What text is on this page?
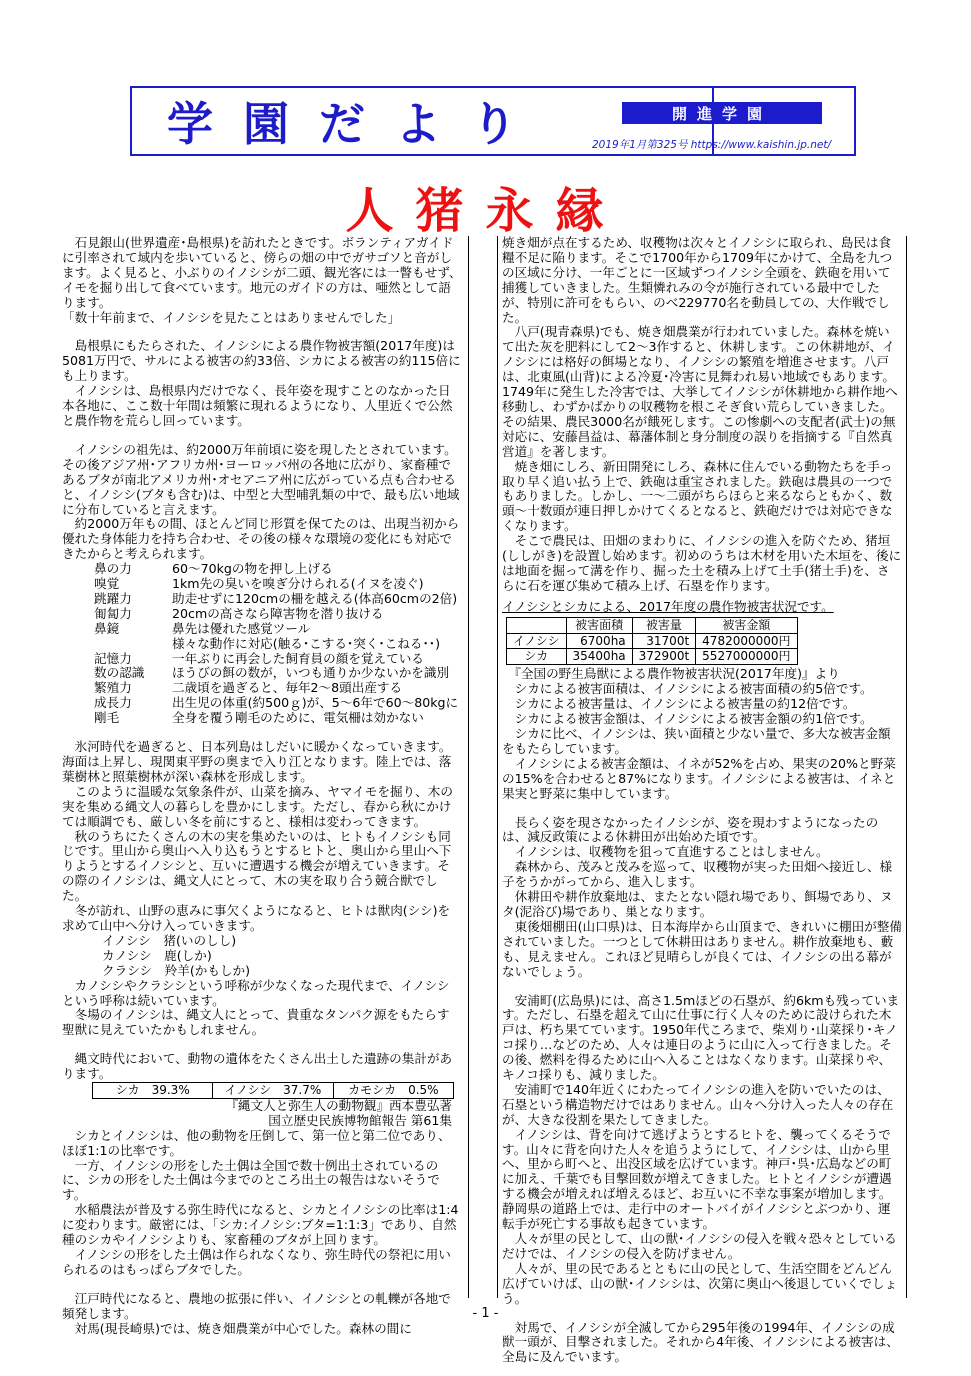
学園だより	開進学園
2019年1月第325号 https://www.kaishin.jp.net/
人猪永縁

　石見銀山(世界遺産･島根県)を訪れたときです。ボランティアガイドに引率されて域内を歩いていると、傍らの畑の中でガサゴソと音がします。よく見ると、小ぶりのイノシシが二頭、観光客には一瞥もせず、イモを掘り出して食べています。地元のガイドの方は、唖然として語ります。
「数十年前まで、イノシシを見たことはありませんでした」

　島根県にもたらされた、イノシシによる農作物被害額(2017年度)は5081万円で、サルによる被害の約33倍、シカによる被害の約115倍にも上ります。
　イノシシは、島根県内だけでなく、長年姿を現すことのなかった日本各地に、ここ数十年間は頻繁に現れるようになり、人里近くで公然と農作物を荒らし回っています。

　イノシシの祖先は、約2000万年前頃に姿を現したとされています。その後アジア州･アフリカ州･ヨーロッパ州の各地に広がり、家畜種であるブタが南北アメリカ州･オセアニア州に広がっている点も合わせると、イノシシ(ブタも含む)は、中型と大型哺乳類の中で、最も広い地域に分布していると言えます。
　約2000万年もの間、ほとんど同じ形質を保てたのは、出現当初から優れた身体能力を持ち合わせ、その後の様々な環境の変化にも対応できたからと考えられます。

鼻の力	60～70kgの物を押し上げる
嗅覚	1km先の臭いを嗅ぎ分けられる(イヌを凌ぐ)
跳躍力	助走せずに120cmの柵を越える(体高60cmの2倍)
匍匐力	20cmの高さなら障害物を潜り抜ける
鼻鏡	鼻先は優れた感覚ツール
様々な動作に対応(触る･こする･突く･こねる･･)
記憶力	一年ぶりに再会した飼育員の顔を覚えている
数の認識	ほうびの餌の数が，いつも通りか少ないかを識別
繁殖力	二歳頃を過ぎると、毎年2～8頭出産する
成長力	出生児の体重(約500ｇ)が、5～6年で60～80kgに
剛毛	全身を覆う剛毛のために、電気柵は効かない

　氷河時代を過ぎると、日本列島はしだいに暖かくなっていきます。海面は上昇し、現関東平野の奥まで入り江となります。陸上では、落葉樹林と照葉樹林が深い森林を形成します。
　このように温暖な気象条件が、山菜を摘み、ヤマイモを掘り、木の実を集める縄文人の暮らしを豊かにします。ただし、春から秋にかけては順調でも、厳しい冬を前にすると、様相は変わってきます。
　秋のうちにたくさんの木の実を集めたいのは、ヒトもイノシシも同じです。里山から奥山へ入り込もうとするヒトと、奥山から里山へ下りようとするイノシシと、互いに遭遇する機会が増えていきます。その際のイノシシは、縄文人にとって、木の実を取り合う競合獣でした。
　冬が訪れ、山野の恵みに事欠くようになると、ヒトは獣肉(シシ)を求めて山中へ分け入っていきます。

イノシシ　猪(いのしし)

カノシシ　鹿(しか)

クラシシ　羚羊(かもしか)

　カノシシやクラシシという呼称が少なくなった現代まで、イノシシという呼称は続いています。
　冬場のイノシシは、縄文人にとって、貴重なタンパク源をもたらす聖獣に見えていたかもしれません。

　縄文時代において、動物の遺体をたくさん出土した遺跡の集計があります。

シカ　39.3%	イノシシ　37.7%	カモシカ　0.5%

『縄文人と弥生人の動物観』西本豊弘著

国立歴史民族博物館報告 第61集

　シカとイノシシは、他の動物を圧倒して、第一位と第二位であり、ほぼ1:1の比率です。
　一方、イノシシの形をした土偶は全国で数十例出土されているのに、シカの形をした土偶は今までのところ出土の報告はないそうです。
　水稲農法が普及する弥生時代になると、シカとイノシシの比率は1:4に変わります。厳密には、「シカ:イノシシ:ブタ=1:1:3」であり、自然種のシカやイノシシよりも、家畜種のブタが上回ります。
　イノシシの形をした土偶は作られなくなり、弥生時代の祭祀に用いられるのはもっぱらブタでした。

　江戸時代になると、農地の拡張に伴い、イノシシとの軋轢が各地で頻発します。
　対馬(現長崎県)では、焼き畑農業が中心でした。森林の間に

焼き畑が点在するため、収穫物は次々とイノシシに取られ、島民は食糧不足に陥ります。そこで1700年から1709年にかけて、全島を九つの区域に分け、一年ごとに一区域ずつイノシシ全頭を、鉄砲を用いて捕獲していきました。生類憐れみの令が施行されている最中でしたが、特別に許可をもらい、のべ229770名を動員しての、大作戦でした。
　八戸(現青森県)でも、焼き畑農業が行われていました。森林を焼いて出た灰を肥料にして2～3作すると、休耕します。この休耕地が、イノシシには格好の餌場となり、イノシシの繁殖を増進させます。八戸は、北東風(山背)による冷夏･冷害に見舞われ易い地域でもあります。1749年に発生した冷害では、大挙してイノシシが休耕地から耕作地へ移動し、わずかばかりの収穫物を根こそぎ食い荒らしていきました。その結果、農民3000名が餓死します。この惨劇への支配者(武士)の無対応に、安藤昌益は、幕藩体制と身分制度の誤りを指摘する『自然真営道』を著します。
　焼き畑にしろ、新田開発にしろ、森林に住んでいる動物たちを手っ取り早く追い払う上で、鉄砲は重宝されました。鉄砲は農具の一つでもありました。しかし、一～二頭がちらほらと来るならともかく、数頭～十数頭が連日押しかけてくるとなると、鉄砲だけでは対応できなくなります。
　そこで農民は、田畑のまわりに、イノシシの進入を防ぐため、猪垣(ししがき)を設置し始めます。初めのうちは木材を用いた木垣を、後には地面を掘って溝を作り、掘った土を積み上げて土手(猪土手)を、さらに石を運び集めて積み上げ、石塁を作ります。

イノシシとシカによる、2017年度の農作物被害状況です。

	被害面積	被害量	被害金額
イノシシ	6700ha	31700t	4782000000円
シカ	35400ha	372900t	5527000000円

　『全国の野生鳥獣による農作物被害状況(2017年度)』より
　シカによる被害面積は、イノシシによる被害面積の約5倍です。
　シカによる被害量は、イノシシによる被害量の約12倍です。
　シカによる被害金額は、イノシシによる被害金額の約1倍です。
　シカに比べ、イノシシは、狭い面積と少ない量で、多大な被害金額をもたらしています。
　イノシシによる被害金額は、イネが52%を占め、果実の20%と野菜の15%を合わせると87%になります。イノシシによる被害は、イネと果実と野菜に集中しています。

　長らく姿を現さなかったイノシシが、姿を現わすようになったのは、減反政策による休耕田が出始めた頃です。
　イノシシは、収穫物を狙って直進することはしません。
　森林から、茂みと茂みを巡って、収穫物が実った田畑へ接近し、様子をうかがってから、進入します。
　休耕田や耕作放棄地は、またとない隠れ場であり、餌場であり、ヌタ(泥浴び)場であり、巣となります。
　東後畑棚田(山口県)は、日本海岸から山頂まで、きれいに棚田が整備されていました。一つとして休耕田はありません。耕作放棄地も、藪も、見えません。これほど見晴らしが良くては、イノシシの出る幕がないでしょう。

　安浦町(広島県)には、高さ1.5mほどの石塁が、約6kmも残っています。ただし、石塁を超えて山に仕事に行く人々のために設けられた木戸は、朽ち果てています。1950年代ころまで、柴刈り･山菜採り･キノコ採り…などのため、人々は連日のように山に入って行きました。その後、燃料を得るために山へ入ることはなくなります。山菜採りや、キノコ採りも、減りました。
　安浦町で140年近くにわたってイノシシの進入を防いでいたのは、石塁という構造物だけではありません。山々へ分け入った人々の存在が、大きな役割を果たしてきました。
　イノシシは、背を向けて逃げようとするヒトを、襲ってくるそうです。山々に背を向けた人々を追うようにして、イノシシは、山から里へ、里から町へと、出没区域を広げています。神戸･呉･広島などの町に加え、千葉でも目撃回数が増えてきました。ヒトとイノシシが遭遇する機会が増えれば増えるほど、お互いに不幸な事案が増加します。静岡県の道路上では、走行中のオートバイがイノシシとぶつかり、運転手が死亡する事故も起きています。
　人々が里の民として、山の獣･イノシシの侵入を戦々恐々としているだけでは、イノシシの侵入を防げません。
　人々が、里の民であるとともに山の民として、生活空間をどんどん広げていけば、山の獣･イノシシは、次第に奥山へ後退していくでしょう。

　対馬で、イノシシが全滅してから295年後の1994年、イノシシの成獣一頭が、目撃されました。それから4年後、イノシシによる被害は、全島に及んでいます。

- 1 -
